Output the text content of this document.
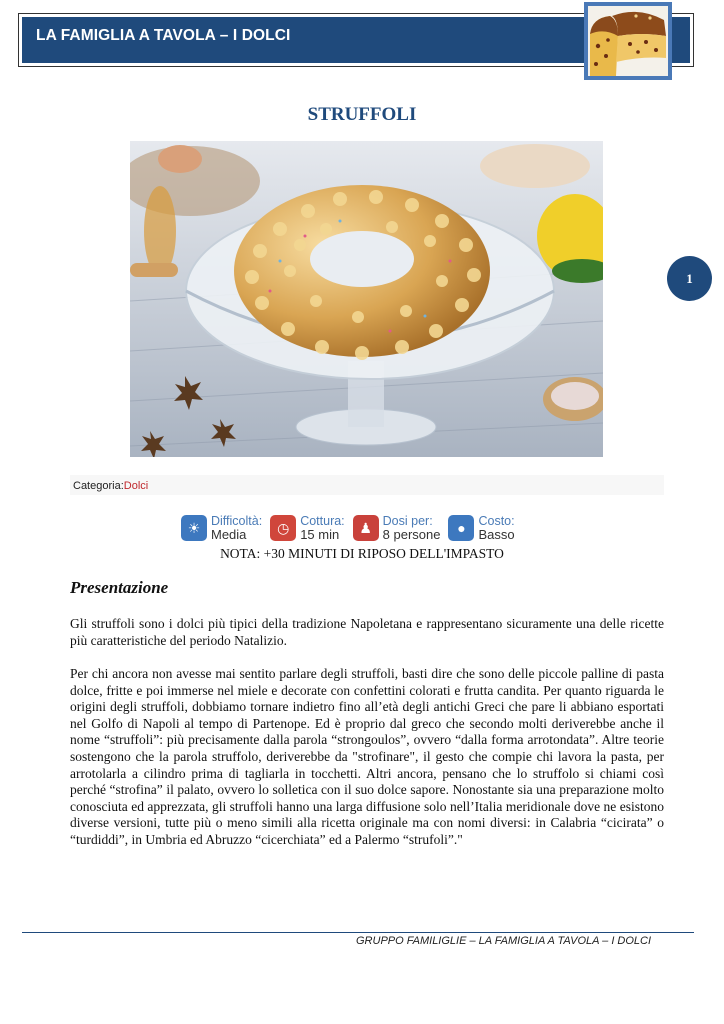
LA FAMIGLIA A TAVOLA – I DOLCI
STRUFFOLI
1
Categoria:Dolci
☀ Difficoltà:
Media	◷ Cottura:
15 min	♟ Dosi per:
8 persone	●	Costo:
Basso
NOTA: +30 MINUTI DI RIPOSO DELL'IMPASTO
Presentazione

Gli struffoli sono i dolci più tipici della tradizione Napoletana e rappresentano sicuramente una delle ricette più caratteristiche del periodo Natalizio.

Per chi ancora non avesse mai sentito parlare degli struffoli, basti dire che sono delle piccole palline di pasta dolce, fritte e poi immerse nel miele e decorate con confettini colorati e frutta candita. Per quanto riguarda le origini degli struffoli, dobbiamo tornare indietro fino all’età degli antichi Greci che pare li abbiano esportati nel Golfo di Napoli al tempo di Partenope. Ed è proprio dal greco che secondo molti deriverebbe anche il nome “struffoli”: più precisamente dalla parola “strongoulos”, ovvero “dalla forma arrotondata”. Altre teorie sostengono che la parola struffolo, deriverebbe da "strofinare", il gesto che compie chi lavora la pasta, per arrotolarla a cilindro prima di tagliarla in tocchetti. Altri ancora, pensano che lo struffolo si chiami così perché “strofina” il palato, ovvero lo solletica con il suo dolce sapore. Nonostante sia una preparazione molto conosciuta ed apprezzata, gli struffoli hanno una larga diffusione solo nell’Italia meridionale dove ne esistono diverse versioni, tutte più o meno simili alla ricetta originale ma con nomi diversi: in Calabria “cicirata” o “turdiddi”, in Umbria ed Abruzzo “cicerchiata” ed a Palermo “strufoli”."

GRUPPO FAMILIGLIE – LA FAMIGLIA A TAVOLA – I DOLCI
